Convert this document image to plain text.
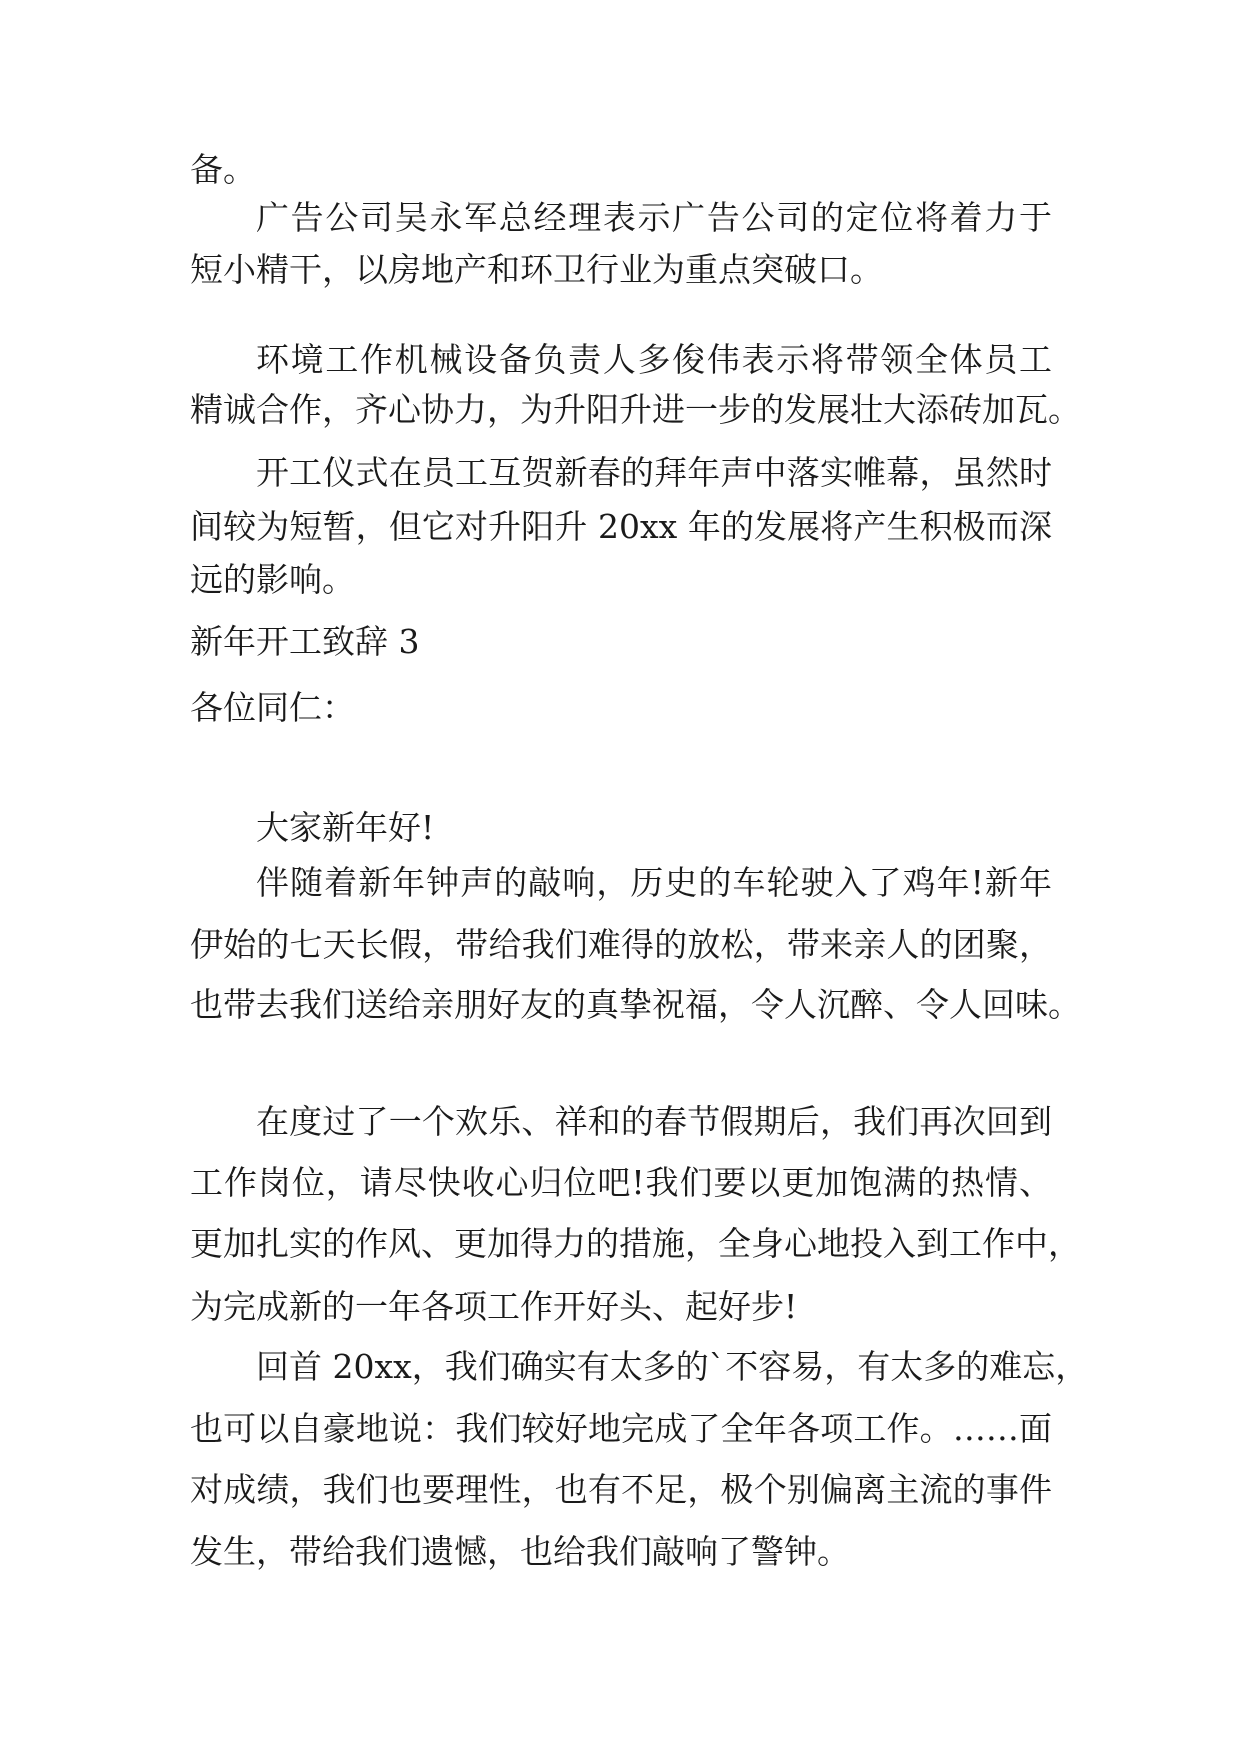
备。
广告公司吴永军总经理表示广告公司的定位将着力于
短小精干，以房地产和环卫行业为重点突破口。
环境工作机械设备负责人多俊伟表示将带领全体员工
精诚合作，齐心协力，为升阳升进一步的发展壮大添砖加瓦。
开工仪式在员工互贺新春的拜年声中落实帷幕，虽然时
间较为短暂，但它对升阳升 20xx 年的发展将产生积极而深
远的影响。
新年开工致辞 3
各位同仁：
大家新年好!
伴随着新年钟声的敲响，历史的车轮驶入了鸡年!新年
伊始的七天长假，带给我们难得的放松，带来亲人的团聚，
也带去我们送给亲朋好友的真挚祝福，令人沉醉、令人回味。
在度过了一个欢乐、祥和的春节假期后，我们再次回到
工作岗位，请尽快收心归位吧!我们要以更加饱满的热情、
更加扎实的作风、更加得力的措施，全身心地投入到工作中，
为完成新的一年各项工作开好头、起好步!
回首 20xx，我们确实有太多的`不容易，有太多的难忘，
也可以自豪地说：我们较好地完成了全年各项工作。……面
对成绩，我们也要理性，也有不足，极个别偏离主流的事件
发生，带给我们遗憾，也给我们敲响了警钟。
